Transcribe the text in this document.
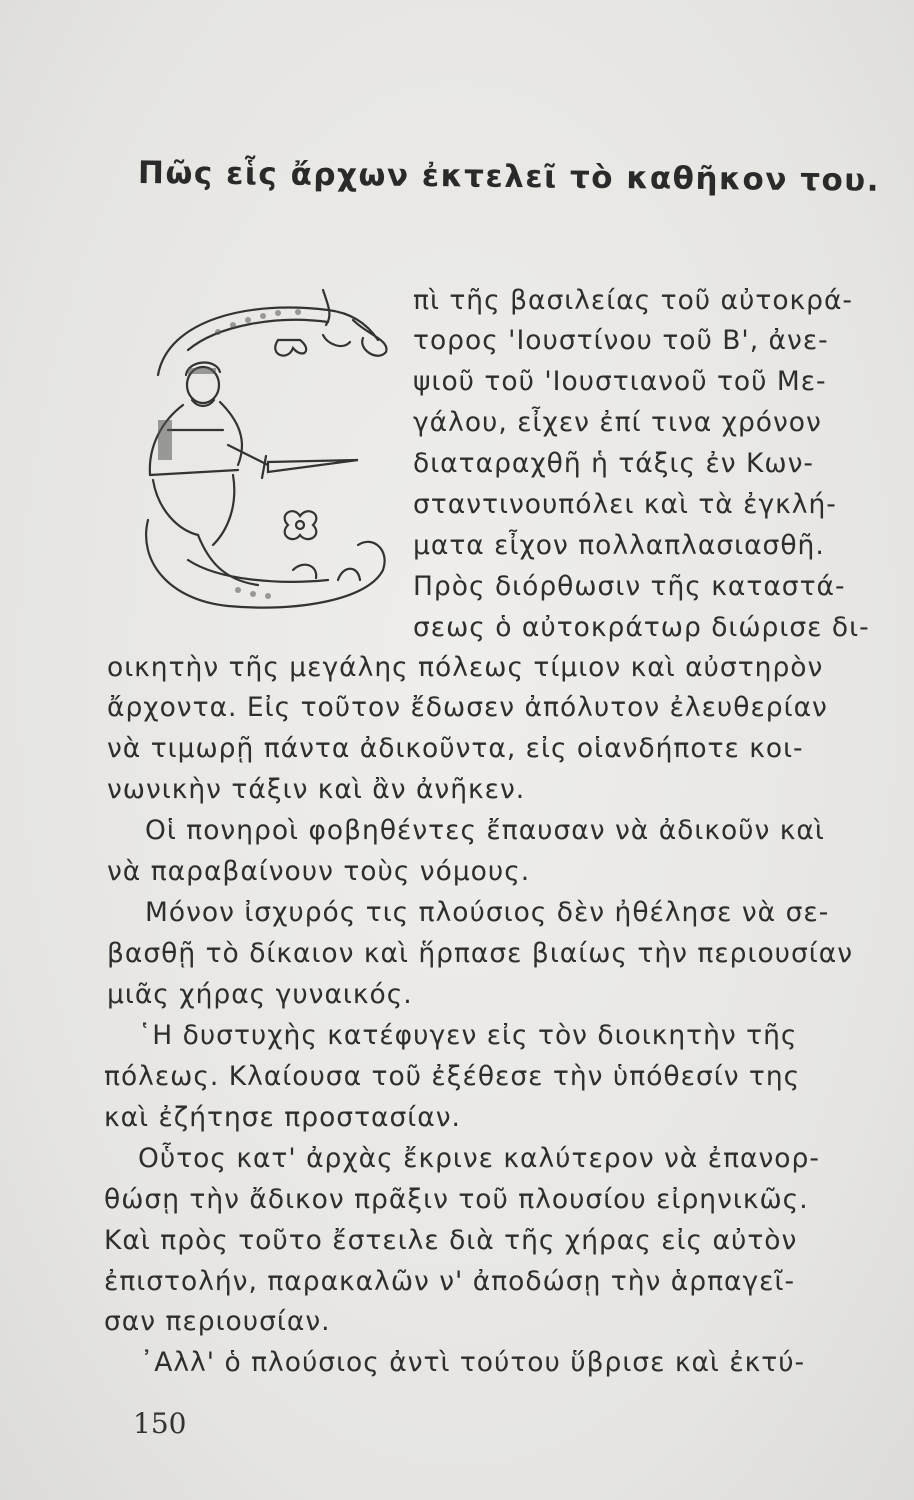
Πῶς εἷς ἄρχων ἐκτελεῖ τὸ καθῆκον του.
πὶ τῆς βασιλείας τοῦ αὐτοκρά-
τορος 'Ιουστίνου τοῦ Β', ἀνε-
ψιοῦ τοῦ 'Ιουστιανοῦ τοῦ Με-
γάλου, εἶχεν ἐπί τινα χρόνον
διαταραχθῆ ἡ τάξις ἐν Κων-
σταντινουπόλει καὶ τὰ ἐγκλή-
ματα εἶχον πολλαπλασιασθῆ.
Πρὸς διόρθωσιν τῆς καταστά-
σεως ὁ αὐτοκράτωρ διώρισε δι-
οικητὴν τῆς μεγάλης πόλεως τίμιον καὶ αὐστηρὸν
ἄρχοντα. Εἰς τοῦτον ἔδωσεν ἀπόλυτον ἐλευθερίαν
νὰ τιμωρῇ πάντα ἀδικοῦντα, εἰς οἱανδήποτε κοι-
νωνικὴν τάξιν καὶ ἂν ἀνῆκεν.
Οἱ πονηροὶ φοβηθέντες ἔπαυσαν νὰ ἀδικοῦν καὶ
νὰ παραβαίνουν τοὺς νόμους.
Μόνον ἰσχυρός τις πλούσιος δὲν ἠθέλησε νὰ σε-
βασθῇ τὸ δίκαιον καὶ ἥρπασε βιαίως τὴν περιουσίαν
μιᾶς χήρας γυναικός.
῾Η δυστυχὴς κατέφυγεν εἰς τὸν διοικητὴν τῆς
πόλεως. Κλαίουσα τοῦ ἐξέθεσε τὴν ὑπόθεσίν της
καὶ ἐζήτησε προστασίαν.
Οὗτος κατ' ἀρχὰς ἔκρινε καλύτερον νὰ ἐπανορ-
θώσῃ τὴν ἄδικον πρᾶξιν τοῦ πλουσίου εἰρηνικῶς.
Καὶ πρὸς τοῦτο ἔστειλε διὰ τῆς χήρας εἰς αὐτὸν
ἐπιστολήν, παρακαλῶν ν' ἀποδώσῃ τὴν ἁρπαγεῖ-
σαν περιουσίαν.
᾿Αλλ' ὁ πλούσιος ἀντὶ τούτου ὕβρισε καὶ ἐκτύ-
150
